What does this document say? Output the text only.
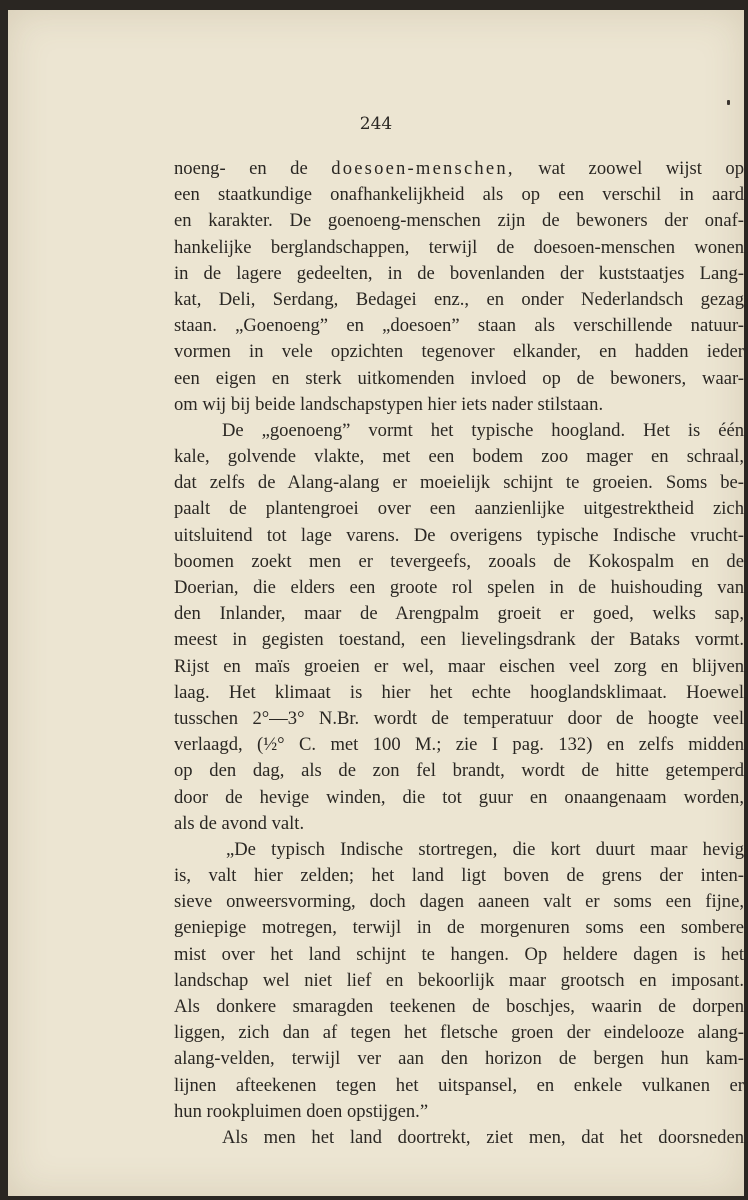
244
noeng- en de doesoen-menschen, wat zoowel wijst op
een staatkundige onafhankelijkheid als op een verschil in aard
en karakter. De goenoeng-menschen zijn de bewoners der onaf-
hankelijke berglandschappen, terwijl de doesoen-menschen wonen
in de lagere gedeelten, in de bovenlanden der kuststaatjes Lang-
kat, Deli, Serdang, Bedagei enz., en onder Nederlandsch gezag
staan. „Goenoeng” en „doesoen” staan als verschillende natuur-
vormen in vele opzichten tegenover elkander, en hadden ieder
een eigen en sterk uitkomenden invloed op de bewoners, waar-
om wij bij beide landschapstypen hier iets nader stilstaan.
De „goenoeng” vormt het typische hoogland. Het is één
kale, golvende vlakte, met een bodem zoo mager en schraal,
dat zelfs de Alang-alang er moeielijk schijnt te groeien. Soms be-
paalt de plantengroei over een aanzienlijke uitgestrektheid zich
uitsluitend tot lage varens. De overigens typische Indische vrucht-
boomen zoekt men er tevergeefs, zooals de Kokospalm en de
Doerian, die elders een groote rol spelen in de huishouding van
den Inlander, maar de Arengpalm groeit er goed, welks sap,
meest in gegisten toestand, een lievelingsdrank der Bataks vormt.
Rijst en maïs groeien er wel, maar eischen veel zorg en blijven
laag. Het klimaat is hier het echte hooglandsklimaat. Hoewel
tusschen 2°—3° N.Br. wordt de temperatuur door de hoogte veel
verlaagd, (½° C. met 100 M.; zie I pag. 132) en zelfs midden
op den dag, als de zon fel brandt, wordt de hitte getemperd
door de hevige winden, die tot guur en onaangenaam worden,
als de avond valt.
„De typisch Indische stortregen, die kort duurt maar hevig
is, valt hier zelden; het land ligt boven de grens der inten-
sieve onweersvorming, doch dagen aaneen valt er soms een fijne,
geniepige motregen, terwijl in de morgenuren soms een sombere
mist over het land schijnt te hangen. Op heldere dagen is het
landschap wel niet lief en bekoorlijk maar grootsch en imposant.
Als donkere smaragden teekenen de boschjes, waarin de dorpen
liggen, zich dan af tegen het fletsche groen der eindelooze alang-
alang-velden, terwijl ver aan den horizon de bergen hun kam-
lijnen afteekenen tegen het uitspansel, en enkele vulkanen er
hun rookpluimen doen opstijgen.”
Als men het land doortrekt, ziet men, dat het doorsneden
